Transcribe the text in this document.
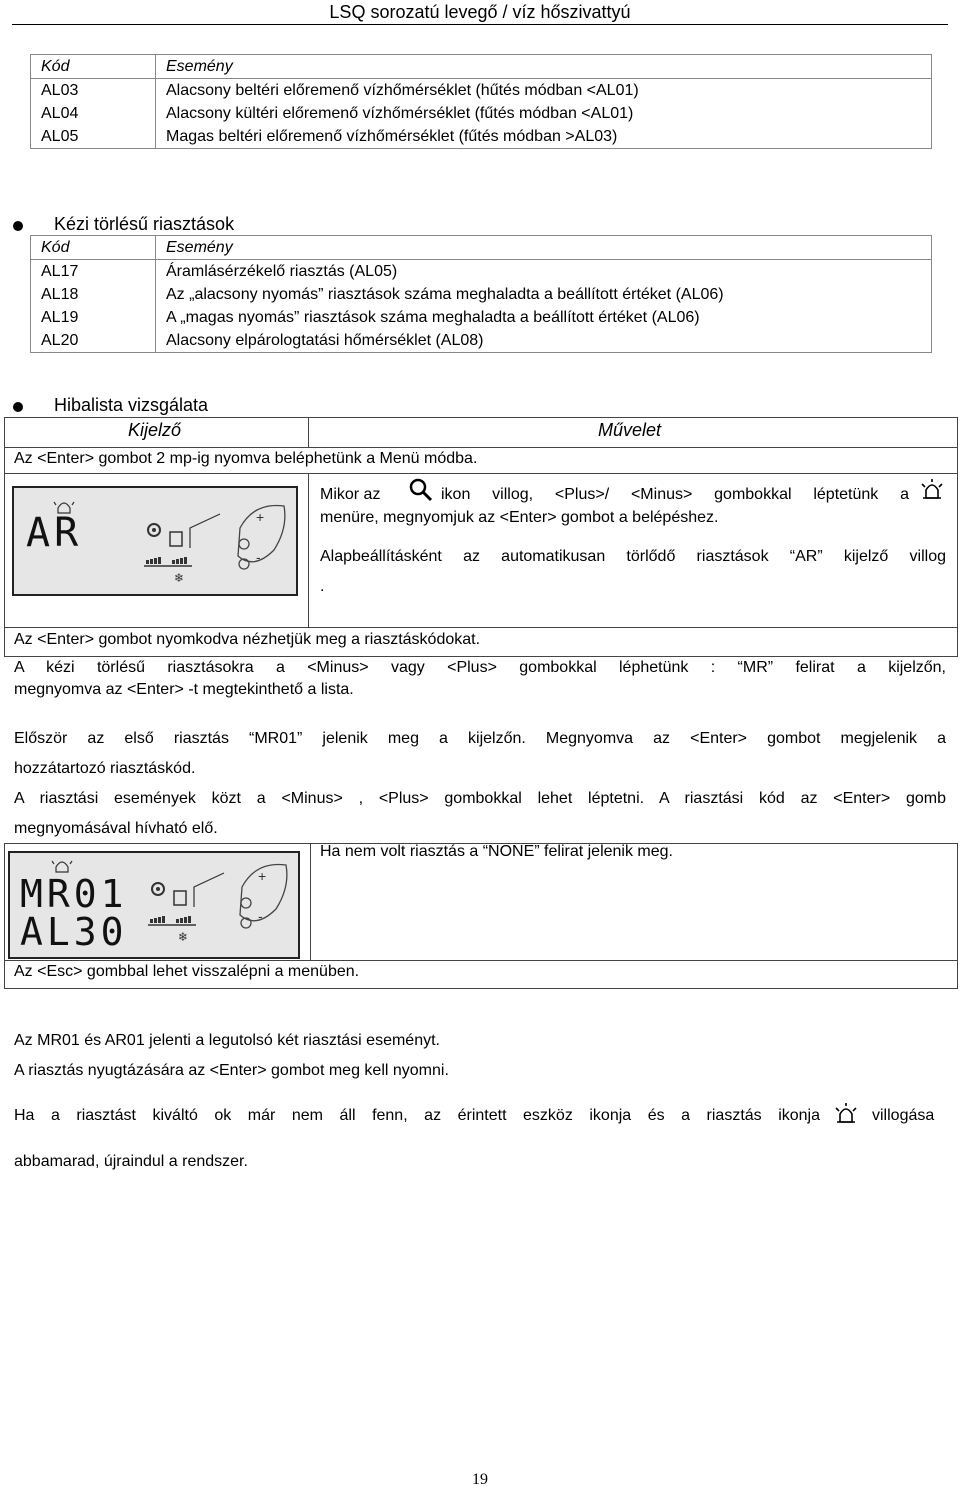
LSQ sorozatú levegő / víz hőszivattyú
Kód	Esemény
AL03	Alacsony beltéri előremenő vízhőmérséklet (hűtés módban <AL01)
AL04	Alacsony kültéri előremenő vízhőmérséklet (fűtés módban <AL01)
AL05	Magas beltéri előremenő vízhőmérséklet (fűtés módban >AL03)
Kézi törlésű riasztások
Kód	Esemény
AL17	Áramlásérzékelő riasztás (AL05)
AL18	Az „alacsony nyomás” riasztások száma meghaladta a beállított értéket (AL06)
AL19	A „magas nyomás” riasztások száma meghaladta a beállított értéket (AL06)
AL20	Alacsony elpárologtatási hőmérséklet (AL08)
Hibalista vizsgálata
Kijelző	Művelet
Az <Enter> gombot 2 mp-ig nyomva beléphetünk a Menü módba.
AR
❄
+
-
Mikor az	ikon villog, <Plus>/ <Minus> gombokkal léptetünk a
menüre, megnyomjuk az <Enter> gombot a belépéshez.
Alapbeállításként az automatikusan törlődő riasztások “AR” kijelző villog
.
Az <Enter> gombot nyomkodva nézhetjük meg a riasztáskódokat.
A kézi törlésű riasztásokra a <Minus> vagy <Plus> gombokkal léphetünk : “MR” felirat a kijelzőn,
megnyomva az <Enter> -t megtekinthető a lista.
Először az első riasztás “MR01” jelenik meg a kijelzőn. Megnyomva az <Enter> gombot megjelenik a
hozzátartozó riasztáskód.
A riasztási események közt a <Minus> , <Plus> gombokkal lehet léptetni. A riasztási kód az <Enter> gomb
megnyomásával hívható elő.
Ha nem volt riasztás a “NONE” felirat jelenik meg.
Az <Esc> gombbal lehet visszalépni a menüben.
MR01
AL30	❄
+
-
Az MR01 és AR01 jelenti a legutolsó két riasztási eseményt.
A riasztás nyugtázására az <Enter> gombot meg kell nyomni.
Ha a riasztást kiváltó ok már nem áll fenn, az érintett eszköz ikonja és a riasztás ikonja	villogása
abbamarad, újraindul a rendszer.
19
